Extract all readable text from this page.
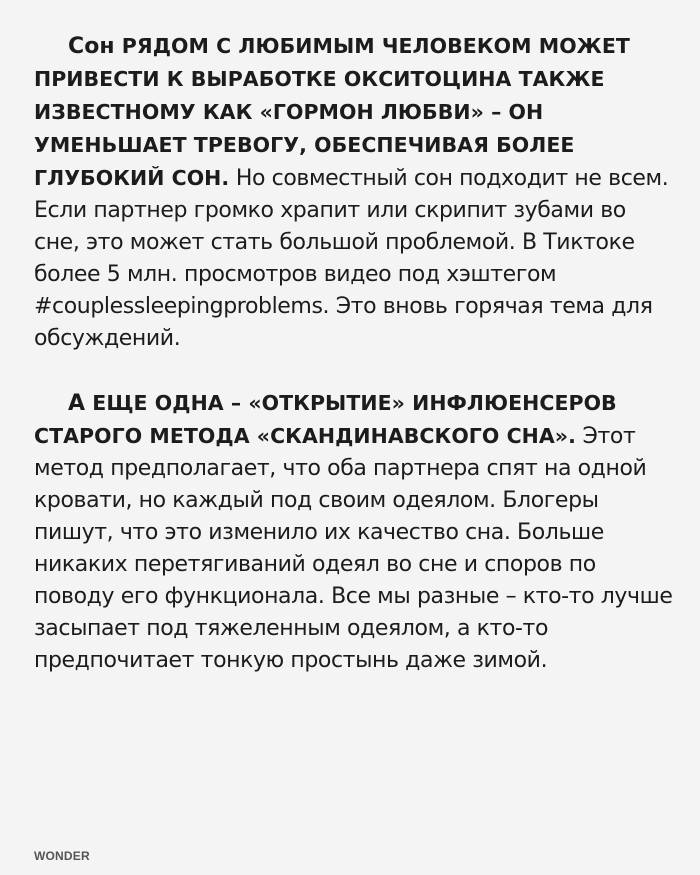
Сон РЯДОМ С ЛЮБИМЫМ ЧЕЛОВЕКОМ МОЖЕТ ПРИВЕСТИ К ВЫРАБОТКЕ ОКСИТОЦИНА ТАКЖЕ ИЗВЕСТНОМУ КАК «ГОРМОН ЛЮБВИ» – ОН УМЕНЬШАЕТ ТРЕВОГУ, ОБЕСПЕЧИВАЯ БОЛЕЕ ГЛУБОКИЙ СОН. Но совместный сон подходит не всем. Если партнер громко храпит или скрипит зубами во сне, это может стать большой проблемой. В Тиктоке более 5 млн. просмотров видео под хэштегом #couplessleepingproblems. Это вновь горячая тема для обсуждений.

А ЕЩЕ ОДНА – «ОТКРЫТИЕ» ИНФЛЮЕНСЕРОВ СТАРОГО МЕТОДА «СКАНДИНАВСКОГО СНА». Этот метод предполагает, что оба партнера спят на одной кровати, но каждый под своим одеялом. Блогеры пишут, что это изменило их качество сна. Больше никаких перетягиваний одеял во сне и споров по поводу его функционала. Все мы разные – кто-то лучше засыпает под тяжеленным одеялом, а кто-то предпочитает тонкую простынь даже зимой.

WONDER
